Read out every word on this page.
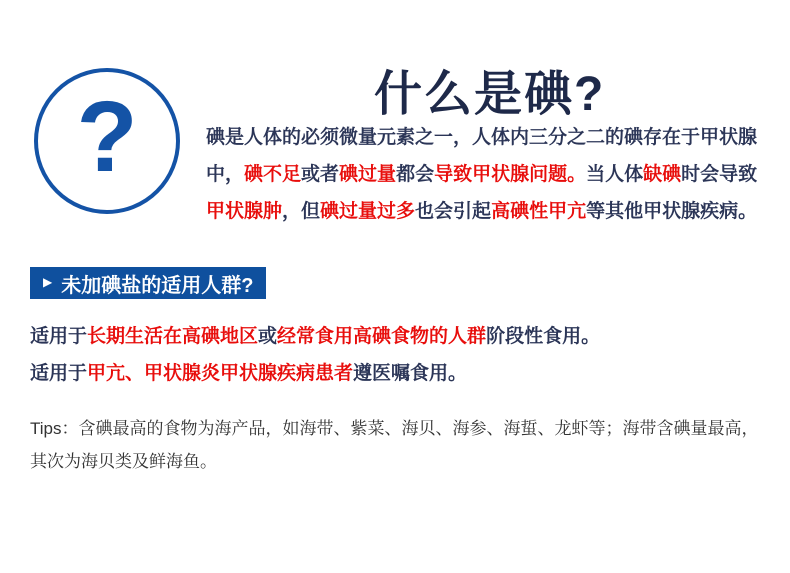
?	什么是碘?
碘是人体的必须微量元素之一，人体内三分之二的碘存在于甲状腺
中，碘不足或者碘过量都会导致甲状腺问题。当人体缺碘时会导致
甲状腺肿，但碘过量过多也会引起高碘性甲亢等其他甲状腺疾病。
▶ 未加碘盐的适用人群?
适用于长期生活在高碘地区或经常食用高碘食物的人群阶段性食用。
适用于甲亢、甲状腺炎甲状腺疾病患者遵医嘱食用。
Tips：含碘最高的食物为海产品，如海带、紫菜、海贝、海参、海蜇、龙虾等；海带含碘量最高，
其次为海贝类及鲜海鱼。
